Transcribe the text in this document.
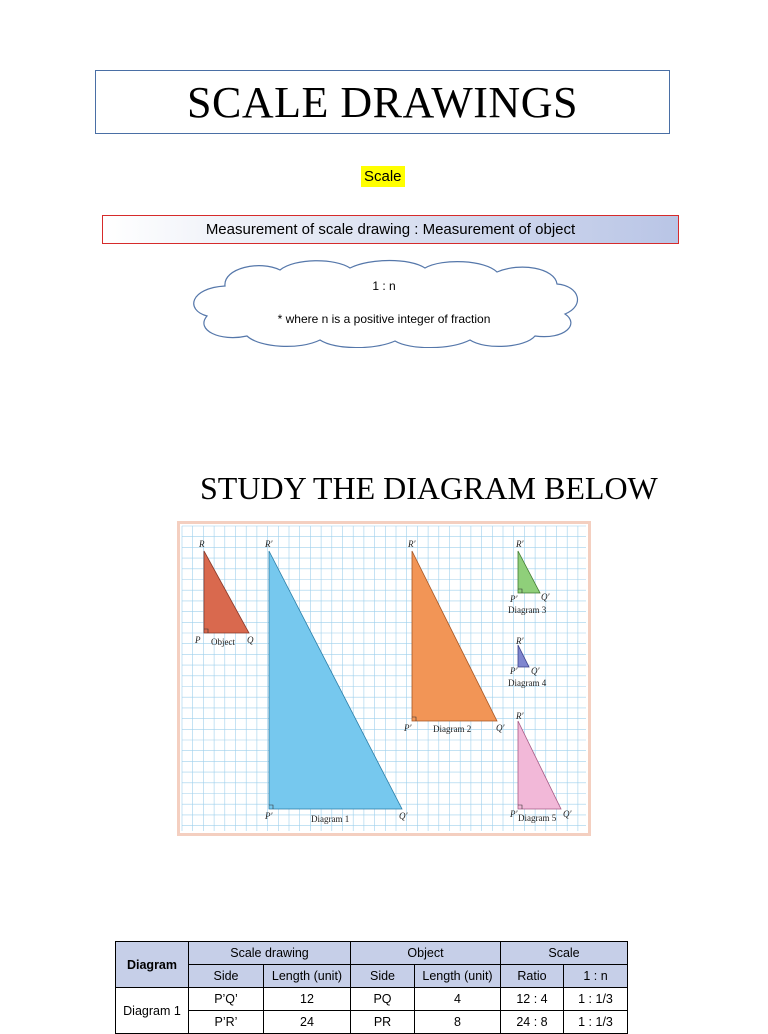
SCALE DRAWINGS
Scale
Measurement of scale drawing : Measurement of object
1 : n
* where n is a positive integer of fraction
STUDY THE DIAGRAM BELOW
R
P	Q
Object
R′
P′	Q′
Diagram 1
R′
P′	Q′
Diagram 2
R′
P′	Q′
Diagram 3
R′
P′ Q′
Diagram 4
R′
P′	Q′
Diagram 5
Diagram	Scale drawing		Object		Scale	
	Side	Length (unit)	Side	Length (unit)	Ratio	1 : n
Diagram 1	P’Q’	12	PQ	4	12 : 4	1 : 1/3
	P’R’	24	PR	8	24 : 8	1 : 1/3
